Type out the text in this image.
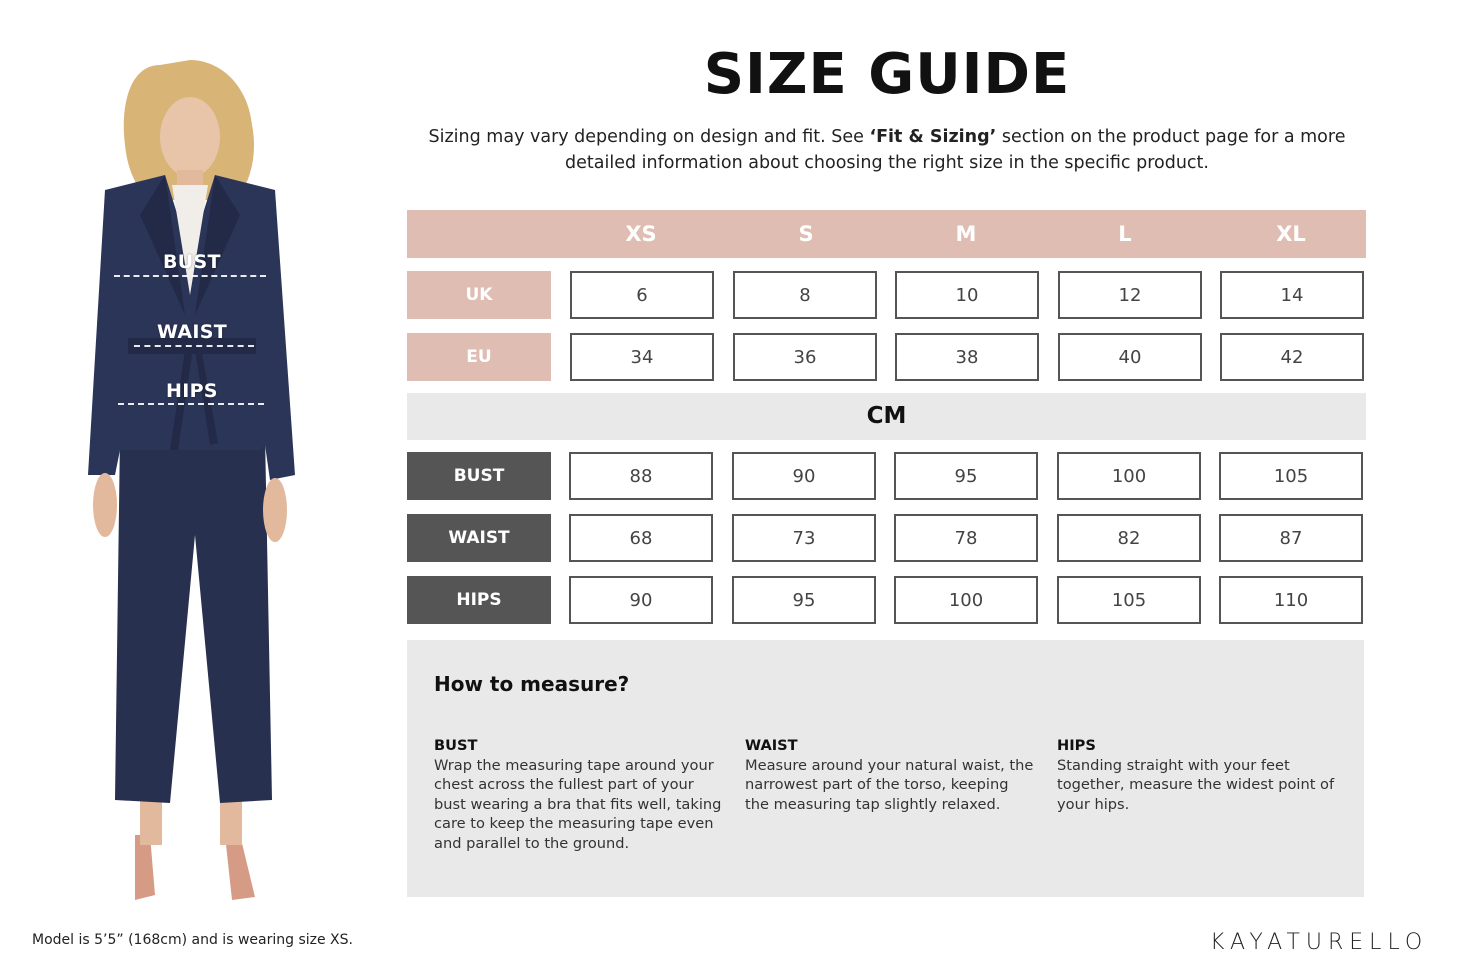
BUST
WAIST
HIPS
SIZE GUIDE
Sizing may vary depending on design and fit. See ‘Fit & Sizing’ section on the product page for a more detailed information about choosing the right size in the specific product.
XS	S	M	L	XL
UK	6	8	10	12	14
EU	34	36	38	40	42
CM
BUST	88	90	95	100	105
WAIST	68	73	78	82	87
HIPS	90	95	100	105	110
How to measure?
BUST

Wrap the measuring tape around your chest across the fullest part of your bust wearing a bra that fits well, taking care to keep the measuring tape even and parallel to the ground.

WAIST

Measure around your natural waist, the narrowest part of the torso, keeping the measuring tap slightly relaxed.

HIPS

Standing straight with your feet together, measure the widest point of your hips.

Model is 5’5” (168cm) and is wearing size XS.	KAYATURELLO
